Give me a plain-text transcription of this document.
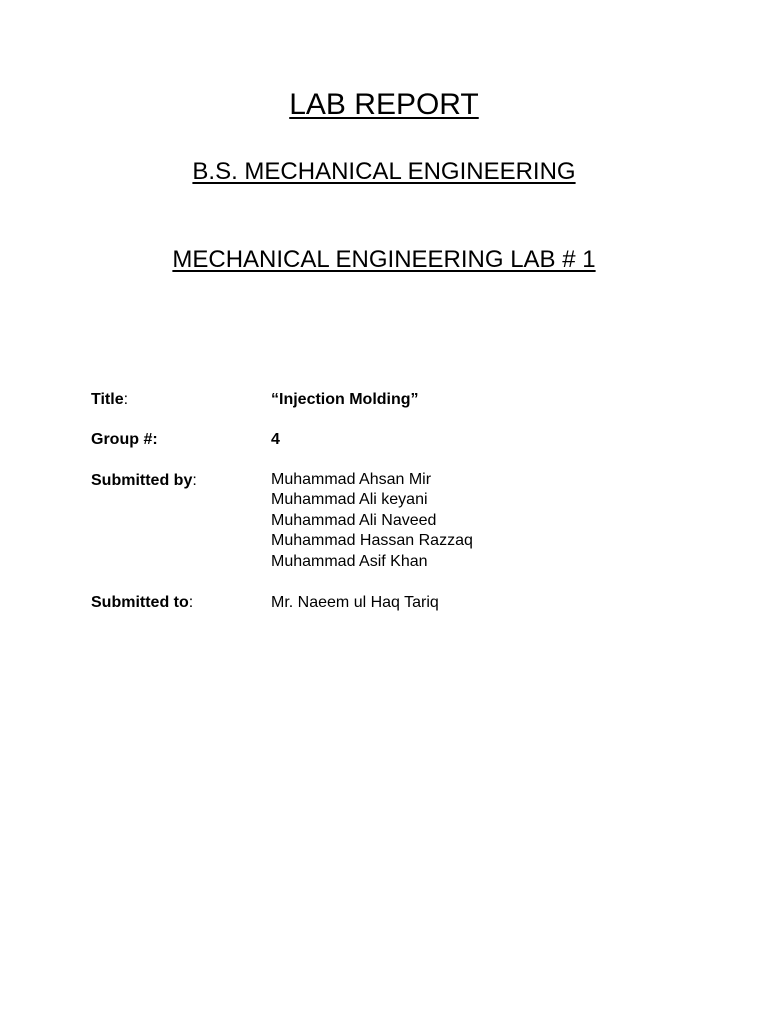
LAB REPORT
B.S. MECHANICAL ENGINEERING
MECHANICAL ENGINEERING LAB # 1
Title:	“Injection Molding”
Group #:	4
Submitted by:	Muhammad Ahsan Mir
Muhammad Ali keyani
Muhammad Ali Naveed
Muhammad Hassan Razzaq
Muhammad Asif Khan
Submitted to:	Mr. Naeem ul Haq Tariq
